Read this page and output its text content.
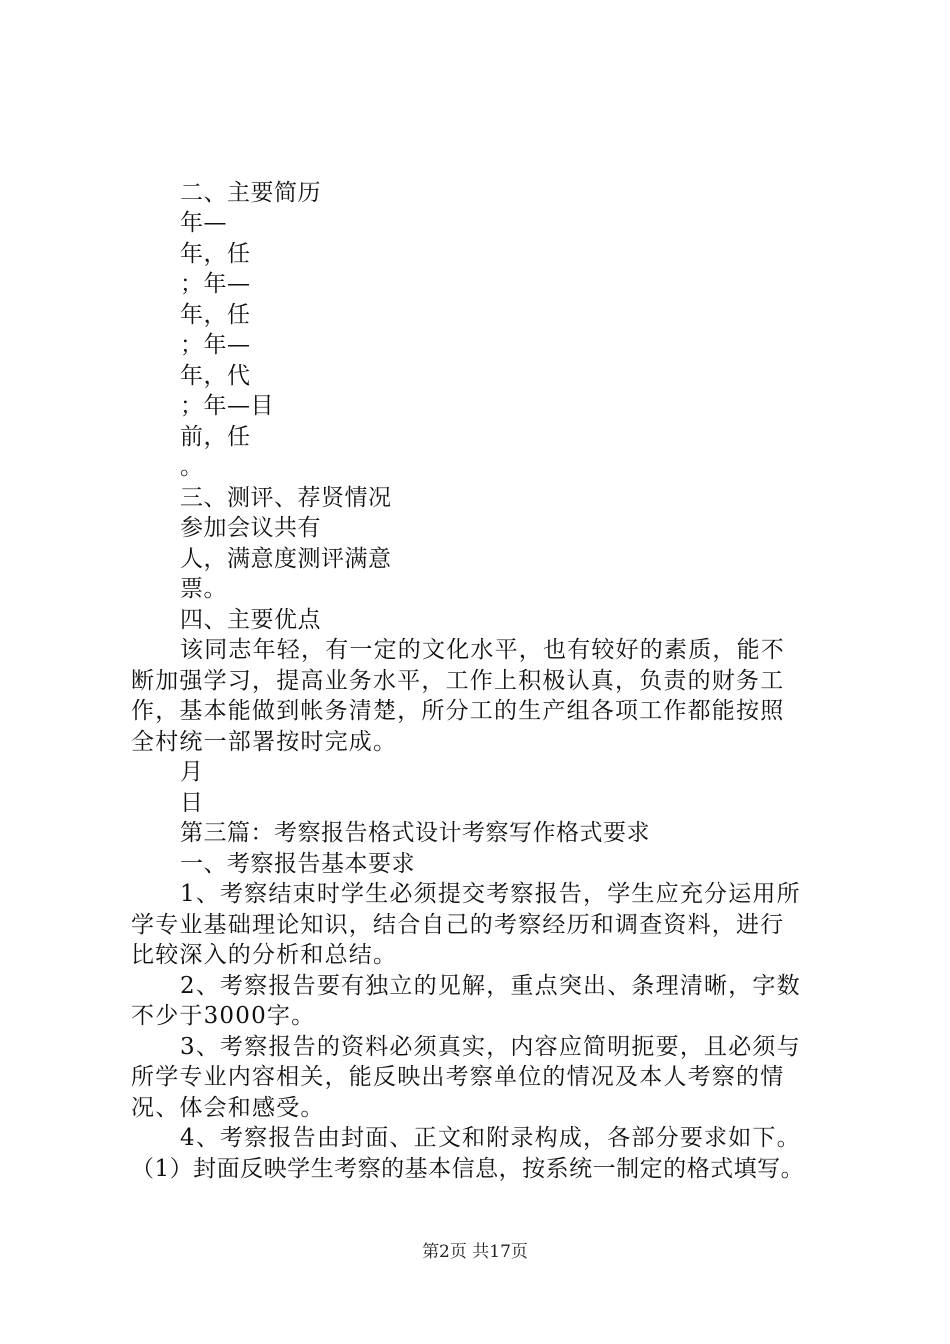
二、主要简历
年—
年，任
；年—
年，任
；年—
年，代
；年—目
前，任
。
三、测评、荐贤情况
参加会议共有
人，满意度测评满意
票。
四、主要优点
该同志年轻，有一定的文化水平，也有较好的素质，能不
断加强学习，提高业务水平，工作上积极认真，负责的财务工
作，基本能做到帐务清楚，所分工的生产组各项工作都能按照
全村统一部署按时完成。
月
日
第三篇：考察报告格式设计考察写作格式要求
一、考察报告基本要求
1、考察结束时学生必须提交考察报告，学生应充分运用所
学专业基础理论知识，结合自己的考察经历和调查资料，进行
比较深入的分析和总结。
2、考察报告要有独立的见解，重点突出、条理清晰，字数
不少于3000字。
3、考察报告的资料必须真实，内容应简明扼要，且必须与
所学专业内容相关，能反映出考察单位的情况及本人考察的情
况、体会和感受。
4、考察报告由封面、正文和附录构成，各部分要求如下。
（1）封面反映学生考察的基本信息，按系统一制定的格式填写。
第2页 共17页
